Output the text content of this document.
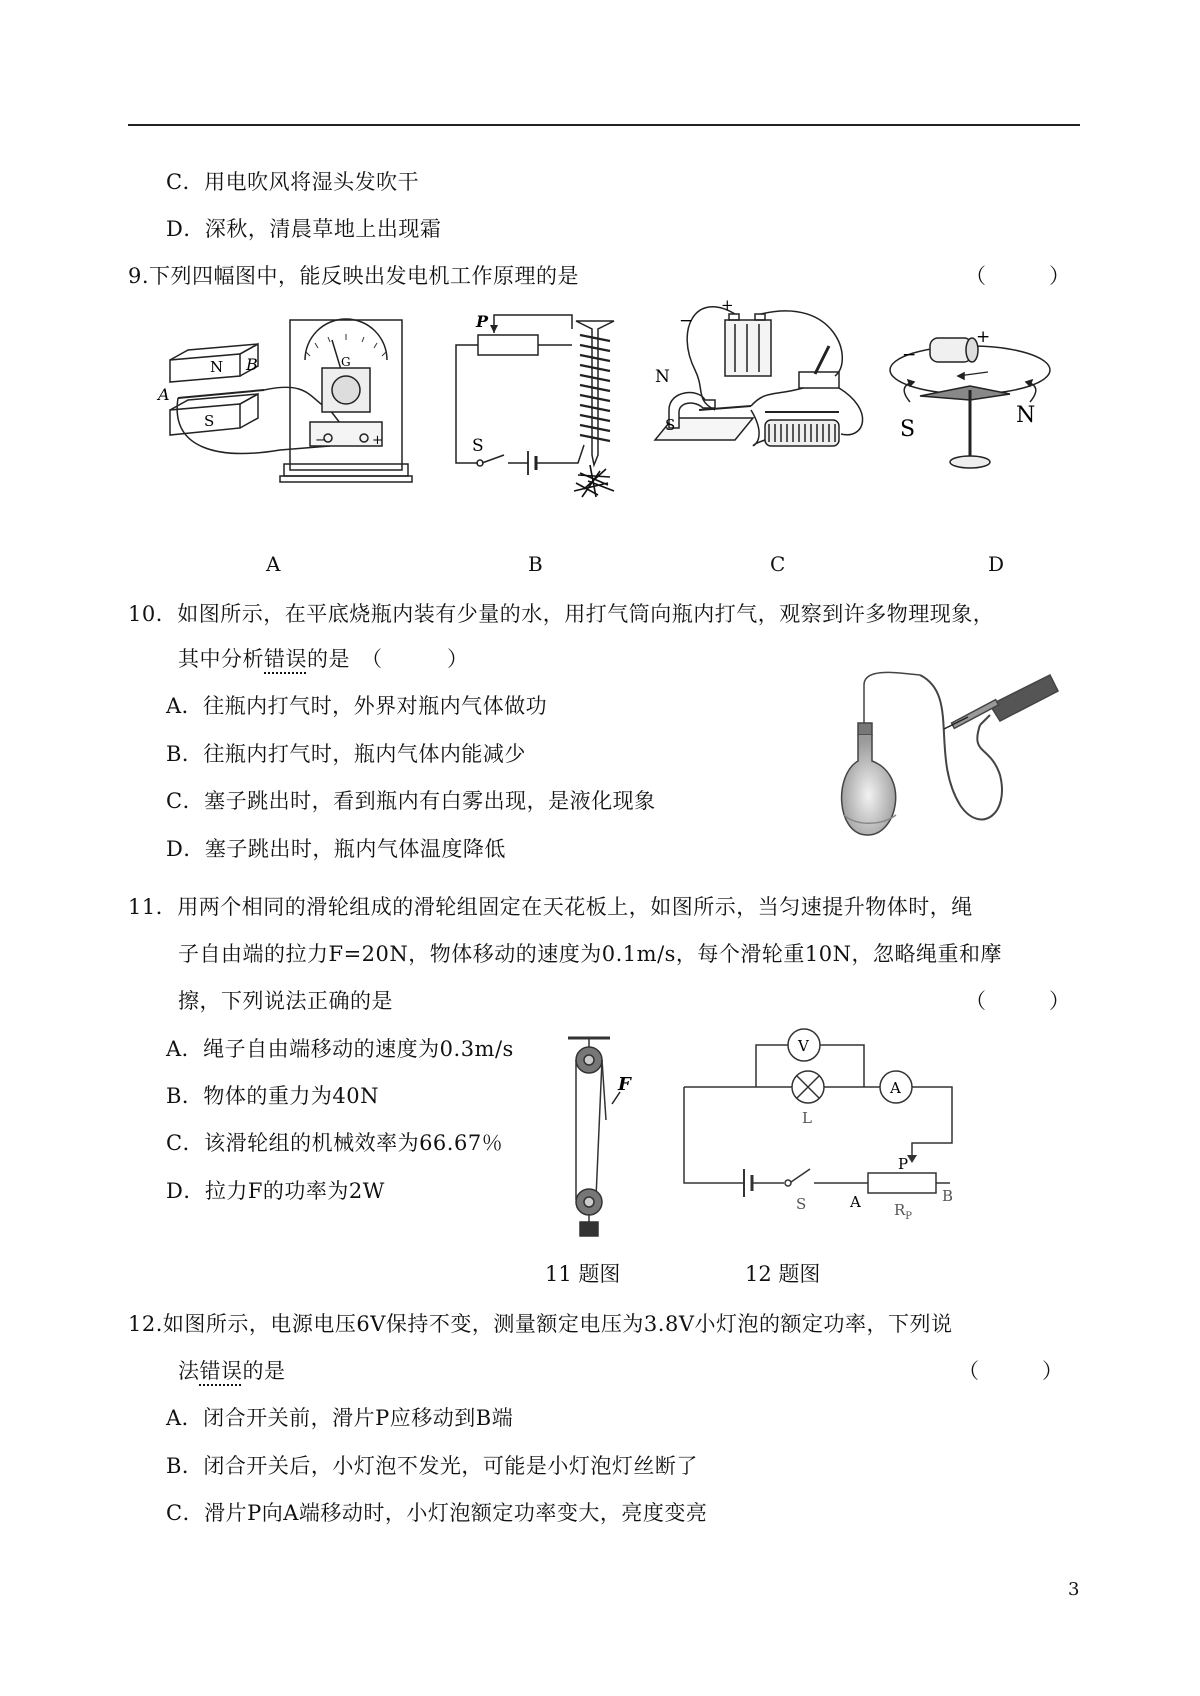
C．用电吹风将湿头发吹干
D．深秋，清晨草地上出现霜
9.下列四幅图中，能反映出发电机工作原理的是	（　　　）
N B
A
S
G
−	+
P
S
N
S
−
+
+
−
S
N
A	B	C	D
10．如图所示，在平底烧瓶内装有少量的水，用打气筒向瓶内打气，观察到许多物理现象，
其中分析错误的是　（　　　）
A．往瓶内打气时，外界对瓶内气体做功
B．往瓶内打气时，瓶内气体内能减少
C．塞子跳出时，看到瓶内有白雾出现，是液化现象
D．塞子跳出时，瓶内气体温度降低
11．用两个相同的滑轮组成的滑轮组固定在天花板上，如图所示，当匀速提升物体时，绳
子自由端的拉力F=20N，物体移动的速度为0.1m/s，每个滑轮重10N，忽略绳重和摩
擦，下列说法正确的是	（　　　）
A．绳子自由端移动的速度为0.3m/s
B．物体的重力为40N
C．该滑轮组的机械效率为66.67％
D．拉力F的功率为2W
F
V
A
L
P
S	A	B
$R_P$
11 题图	12 题图
12.如图所示，电源电压6V保持不变，测量额定电压为3.8V小灯泡的额定功率，下列说
法错误的是	（　　　）
A．闭合开关前，滑片P应移动到B端
B．闭合开关后，小灯泡不发光，可能是小灯泡灯丝断了
C．滑片P向A端移动时，小灯泡额定功率变大，亮度变亮
3
